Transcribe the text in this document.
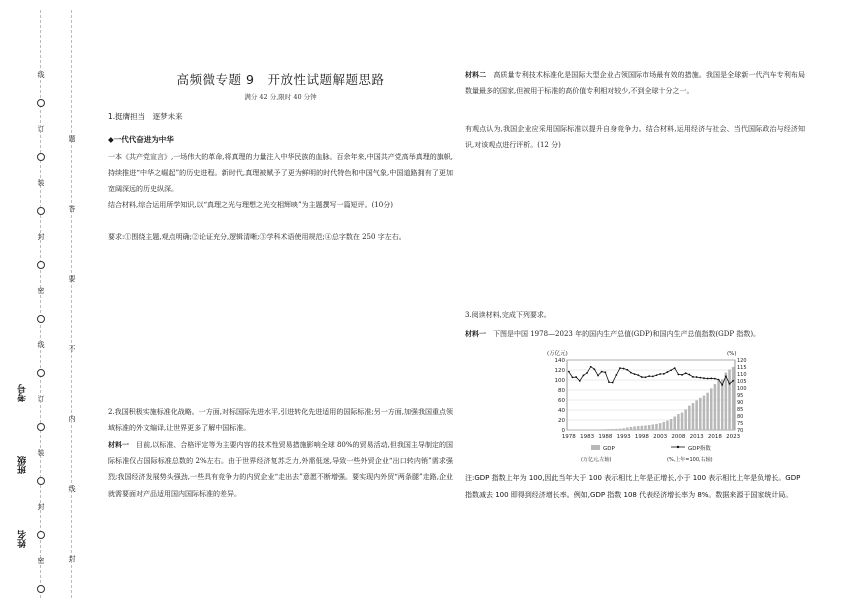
线
订
装
封
密
线
订
装
封
密
题
答
要
不
内
线
封
考号
班级
姓名
高频微专题 9　开放性试题解题思路
满分 42 分,限时 40 分钟
1.挺膺担当　逐梦未来
◆一代代奋进为中华
一本《共产党宣言》,一场伟大的革命,将真理的力量注入中华民族的血脉。百余年来,中国共产党高举真理的旗帜,持续推进“中华之崛起”的历史进程。新时代,真理被赋予了更为鲜明的时代特色和中国气象,中国道路拥有了更加宽阔深远的历史纵深。
结合材料,综合运用所学知识,以“真理之光与理想之光交相辉映”为主题撰写一篇短评。(10分)
要求:①围绕主题,观点明确;②论证充分,逻辑清晰;③学科术语使用规范;④总字数在 250 字左右。
2.我国积极实施标准化战略。一方面,对标国际先进水平,引进转化先进适用的国际标准;另一方面,加强我国重点领域标准的外文编译,让世界更多了解中国标准。
材料一　目前,以标准、合格评定等为主要内容的技术性贸易措施影响全球 80%的贸易活动,但我国主导制定的国际标准仅占国际标准总数的 2%左右。由于世界经济复苏乏力,外需低迷,导致一些外贸企业“出口转内销”需求强烈;我国经济发展势头强劲,一些具有竞争力的内贸企业“走出去”意愿不断增强。要实现内外贸“两条腿”走路,企业就需要面对产品适用国内国际标准的差异。
材料二　高质量专利技术标准化是国际大型企业占领国际市场最有效的措施。我国是全球新一代汽车专利布局数量最多的国家,但被用于标准的高价值专利相对较少,不到全球十分之一。
有观点认为,我国企业应采用国际标准以提升自身竞争力。结合材料,运用经济与社会、当代国际政治与经济知识,对该观点进行评析。(12 分)
3.阅读材料,完成下列要求。
材料一　下图是中国 1978—2023 年的国内生产总值(GDP)和国内生产总值指数(GDP 指数)。
0
20
40
60
80
100
120
140
70
75
80
85
90
95
100
105
110
115
120
(万亿元)	(%)
1978 1983 1988 1993 1998 2003 2008 2013 2018 2023
GDP
(万亿元,左轴)
GDP指数
(%,上年=100,右轴)
注:GDP 指数上年为 100,因此当年大于 100 表示相比上年是正增长,小于 100 表示相比上年是负增长。GDP 指数减去 100 即得到经济增长率。例如,GDP 指数 108 代表经济增长率为 8%。数据来源于国家统计局。
